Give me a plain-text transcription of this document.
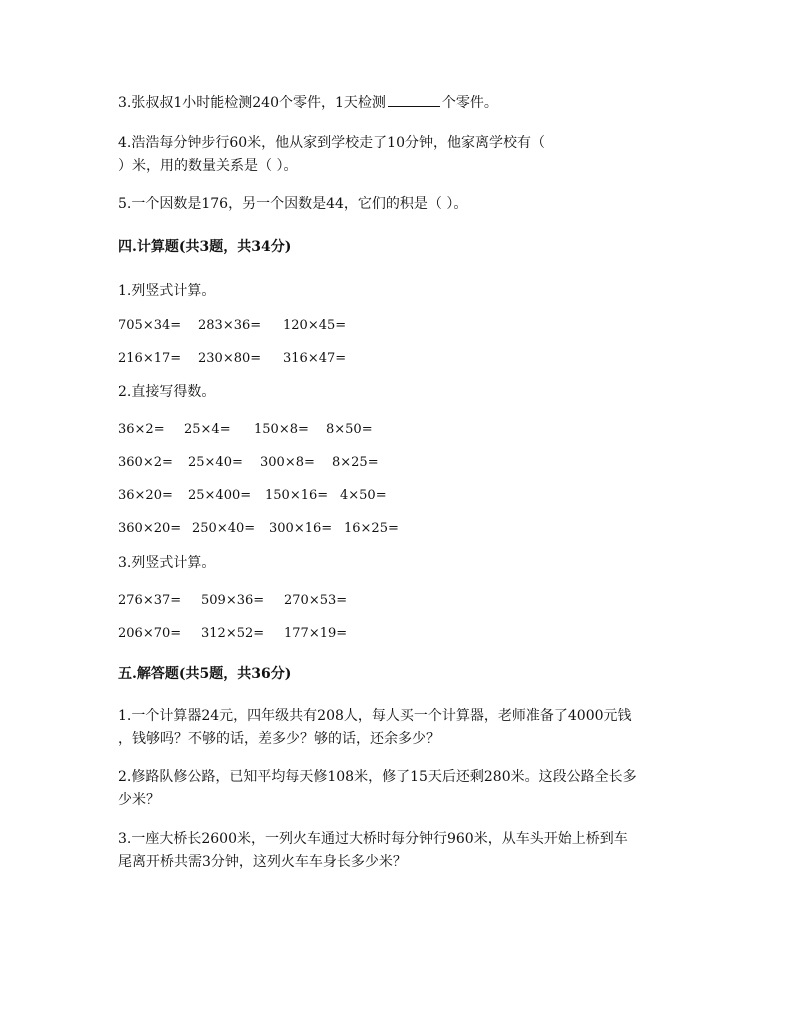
3.张叔叔1小时能检测240个零件，1天检测	个零件。
4.浩浩每分钟步行60米，他从家到学校走了10分钟，他家离学校有（
）米，用的数量关系是（ ）。
5.一个因数是176，另一个因数是44，它们的积是（ ）。
四.计算题(共3题，共34分)
1.列竖式计算。
705×34= 283×36= 120×45=
216×17= 230×80= 316×47=
2.直接写得数。
36×2= 25×4= 150×8= 8×50=
360×2= 25×40= 300×8= 8×25=
36×20= 25×400= 150×16= 4×50=
360×20= 250×40= 300×16= 16×25=
3.列竖式计算。
276×37= 509×36= 270×53=
206×70= 312×52= 177×19=
五.解答题(共5题，共36分)
1.一个计算器24元，四年级共有208人，每人买一个计算器，老师准备了4000元钱
，钱够吗？不够的话，差多少？够的话，还余多少？
2.修路队修公路，已知平均每天修108米，修了15天后还剩280米。这段公路全长多
少米？
3.一座大桥长2600米，一列火车通过大桥时每分钟行960米，从车头开始上桥到车
尾离开桥共需3分钟，这列火车车身长多少米？
